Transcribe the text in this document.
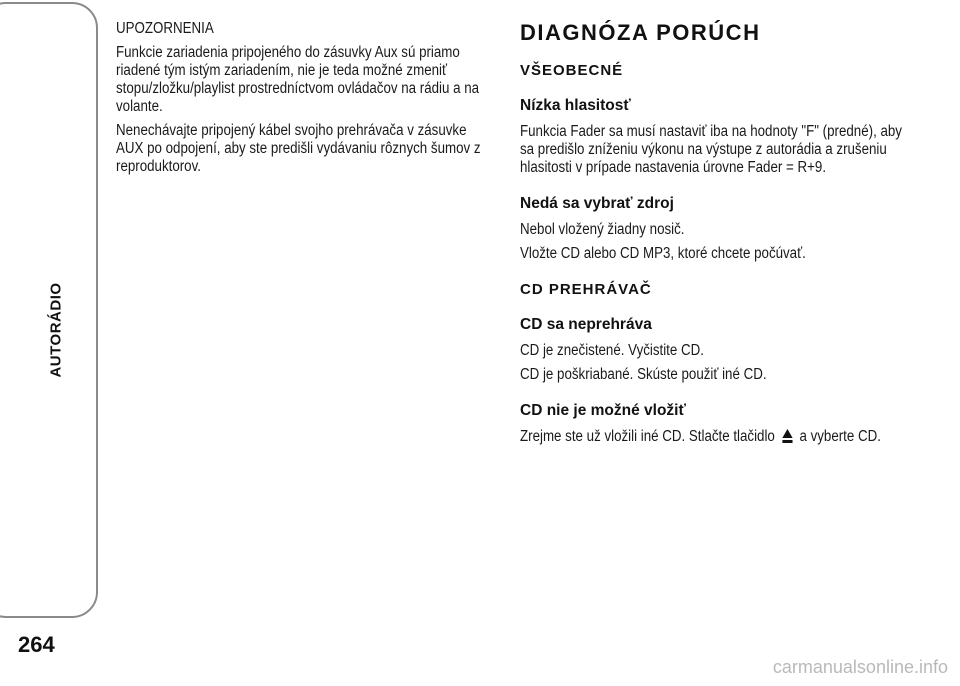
AUTORÁDIO
264

UPOZORNENIA

Funkcie zariadenia pripojeného do zásuvky Aux sú priamo riadené tým istým zariadením, nie je teda možné zmeniť stopu/zložku/playlist prostredníctvom ovládačov na rádiu a na volante.

Nenechávajte pripojený kábel svojho prehrávača v zásuvke AUX po odpojení, aby ste predišli vydávaniu rôznych šumov z reproduktorov.

DIAGNÓZA PORÚCH
VŠEOBECNÉ
Nízka hlasitosť

Funkcia Fader sa musí nastaviť iba na hodnoty "F" (predné), aby sa predišlo zníženiu výkonu na výstupe z autorádia a zrušeniu hlasitosti v prípade nastavenia úrovne Fader = R+9.

Nedá sa vybrať zdroj

Nebol vložený žiadny nosič.

Vložte CD alebo CD MP3, ktoré chcete počúvať.

CD PREHRÁVAČ
CD sa neprehráva

CD je znečistené. Vyčistite CD.

CD je poškriabané. Skúste použiť iné CD.

CD nie je možné vložiť

Zrejme ste už vložili iné CD. Stlačte tlačidlo a vyberte CD.

carmanualsonline.info
